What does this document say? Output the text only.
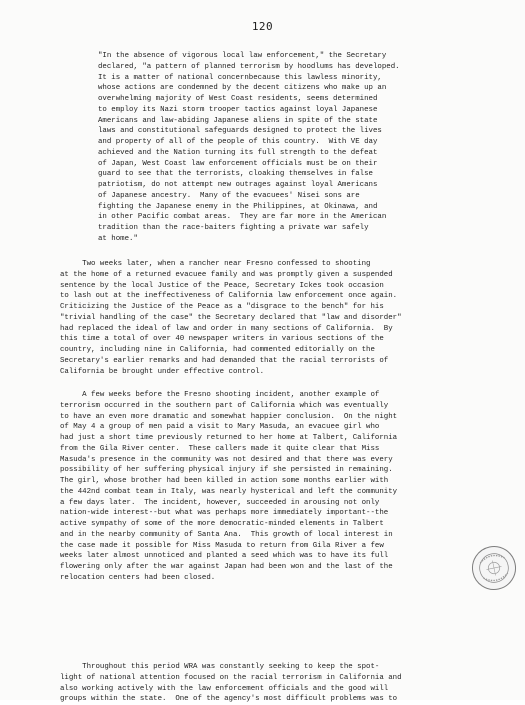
120
"In the absence of vigorous local law enforcement," the Secretary
declared, "a pattern of planned terrorism by hoodlums has developed.
It is a matter of national concernbecause this lawless minority,
whose actions are condemned by the decent citizens who make up an
overwhelming majority of West Coast residents, seems determined
to employ its Nazi storm trooper tactics against loyal Japanese
Americans and law-abiding Japanese aliens in spite of the state
laws and constitutional safeguards designed to protect the lives
and property of all of the people of this country.  With VE day
achieved and the Nation turning its full strength to the defeat
of Japan, West Coast law enforcement officials must be on their
guard to see that the terrorists, cloaking themselves in false
patriotism, do not attempt new outrages against loyal Americans
of Japanese ancestry.  Many of the evacuees' Nisei sons are
fighting the Japanese enemy in the Philippines, at Okinawa, and
in other Pacific combat areas.  They are far more in the American
tradition than the race-baiters fighting a private war safely
at home."

Two weeks later, when a rancher near Fresno confessed to shooting
at the home of a returned evacuee family and was promptly given a suspended
sentence by the local Justice of the Peace, Secretary Ickes took occasion
to lash out at the ineffectiveness of California law enforcement once again.
Criticizing the Justice of the Peace as a "disgrace to the bench" for his
"trivial handling of the case" the Secretary declared that "law and disorder"
had replaced the ideal of law and order in many sections of California.  By
this time a total of over 40 newspaper writers in various sections of the
country, including nine in California, had commented editorially on the
Secretary's earlier remarks and had demanded that the racial terrorists of
California be brought under effective control.

A few weeks before the Fresno shooting incident, another example of
terrorism occurred in the southern part of California which was eventually
to have an even more dramatic and somewhat happier conclusion.  On the night
of May 4 a group of men paid a visit to Mary Masuda, an evacuee girl who
had just a short time previously returned to her home at Talbert, California
from the Gila River center.  These callers made it quite clear that Miss
Masuda's presence in the community was not desired and that there was every
possibility of her suffering physical injury if she persisted in remaining.
The girl, whose brother had been killed in action some months earlier with
the 442nd combat team in Italy, was nearly hysterical and left the community
a few days later.  The incident, however, succeeded in arousing not only
nation-wide interest--but what was perhaps more immediately important--the
active sympathy of some of the more democratic-minded elements in Talbert
and in the nearby community of Santa Ana.  This growth of local interest in
the case made it possible for Miss Masuda to return from Gila River a few
weeks later almost unnoticed and planted a seed which was to have its full
flowering only after the war against Japan had been won and the last of the
relocation centers had been closed.

Throughout this period WRA was constantly seeking to keep the spot-
light of national attention focused on the racial terrorism in California and
also working actively with the law enforcement officials and the good will
groups within the state.  One of the agency's most difficult problems was to
